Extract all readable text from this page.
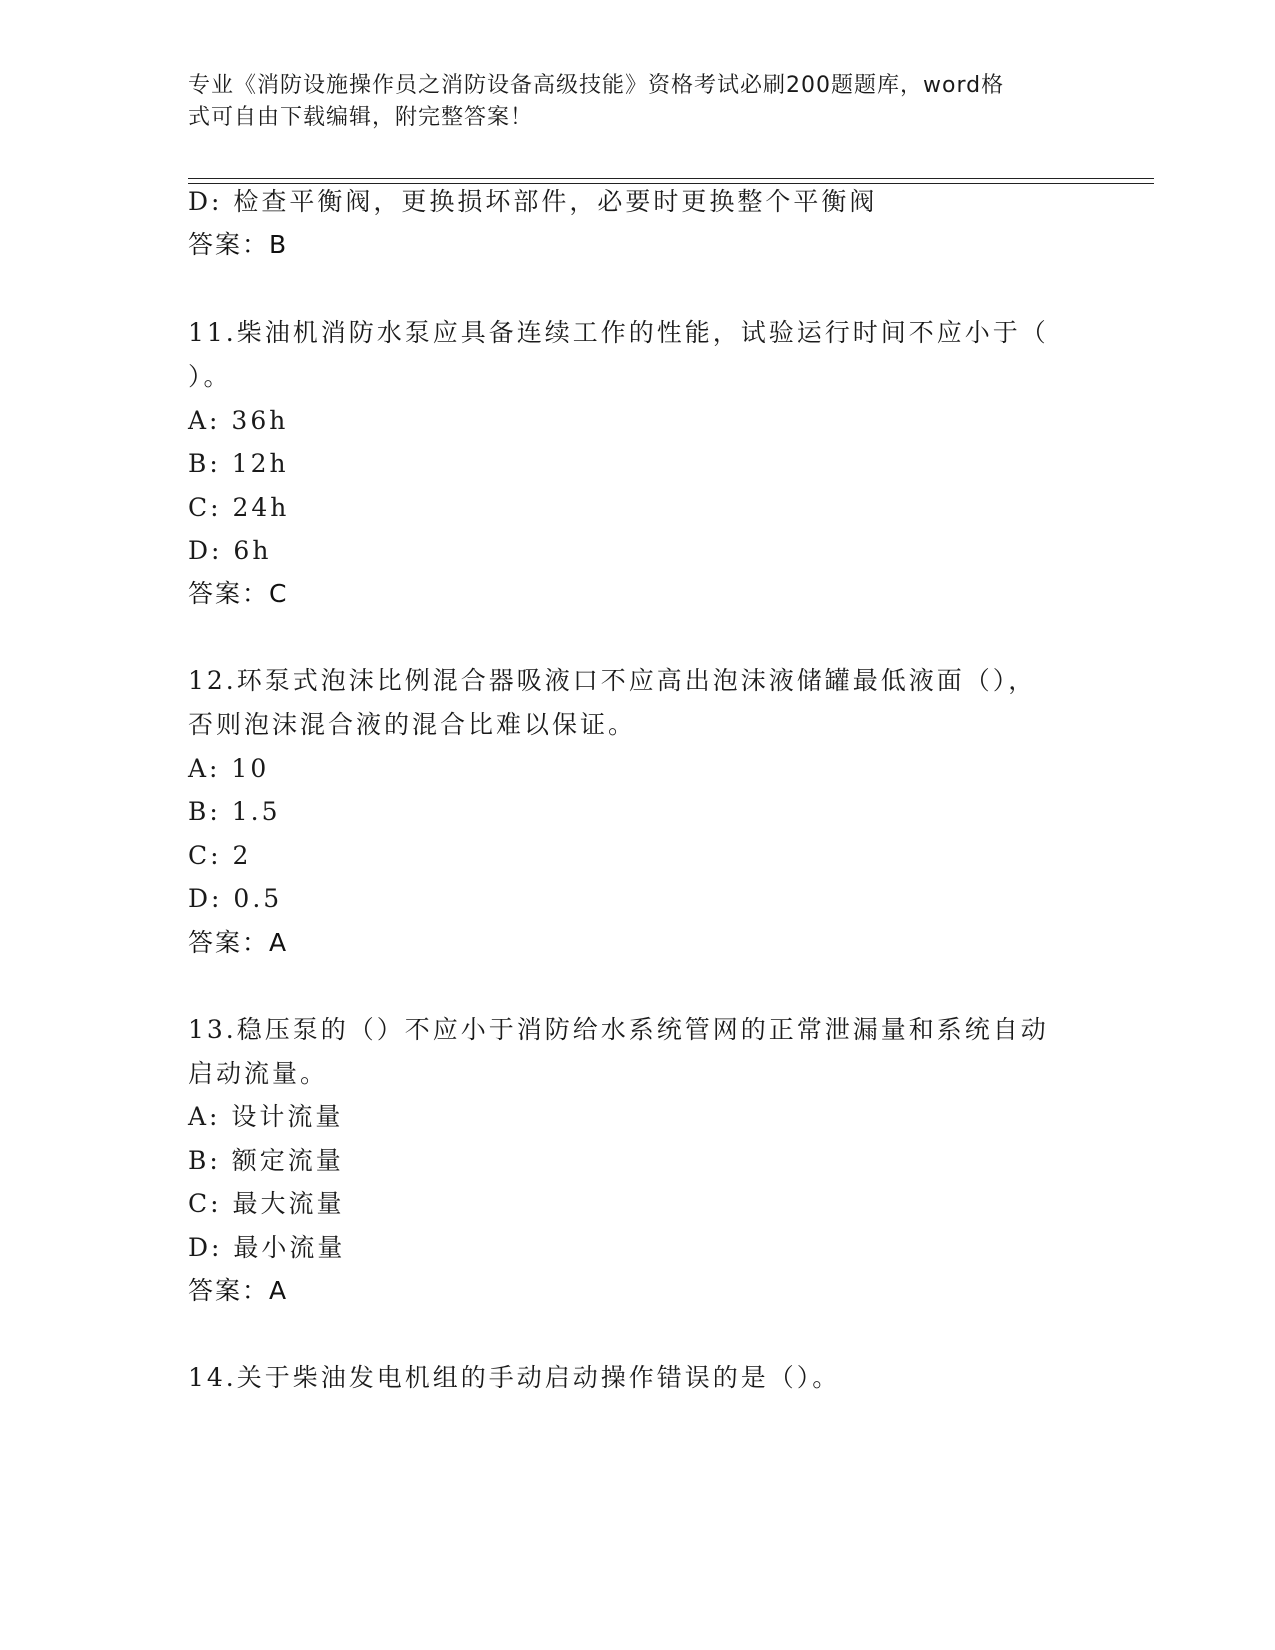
专业《消防设施操作员之消防设备高级技能》资格考试必刷200题题库，word格
式可自由下载编辑，附完整答案！
D: 检查平衡阀，更换损坏部件，必要时更换整个平衡阀
答案：B
11.柴油机消防水泵应具备连续工作的性能，试验运行时间不应小于（
）。
A: 36h
B: 12h
C: 24h
D: 6h
答案：C
12.环泵式泡沫比例混合器吸液口不应高出泡沫液储罐最低液面（），
否则泡沫混合液的混合比难以保证。
A: 10
B: 1.5
C: 2
D: 0.5
答案：A
13.稳压泵的（）不应小于消防给水系统管网的正常泄漏量和系统自动
启动流量。
A: 设计流量
B: 额定流量
C: 最大流量
D: 最小流量
答案：A
14.关于柴油发电机组的手动启动操作错误的是（）。
